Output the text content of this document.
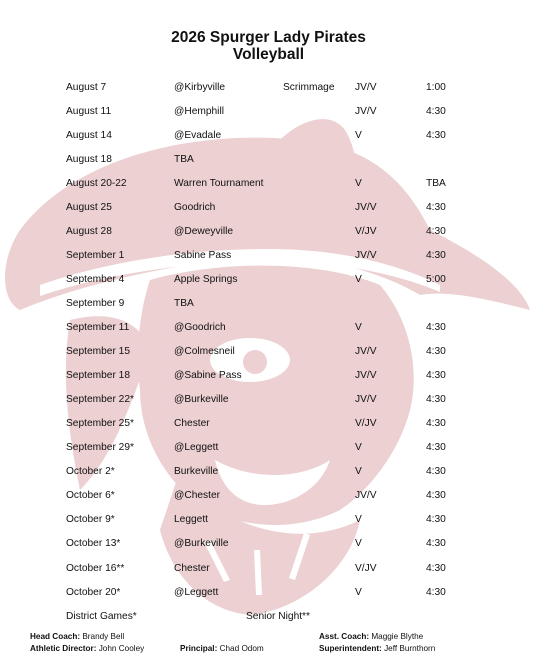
2026 Spurger Lady Pirates
Volleyball
August 7	@Kirbyville	Scrimmage JV/V	1:00
August 11	@Hemphill	JV/V	4:30
August 14	@Evadale	V	4:30
August 18	TBA
August 20-22	Warren Tournament	V	TBA
August 25	Goodrich	JV/V	4:30
August 28	@Deweyville	V/JV	4:30
September 1	Sabine Pass	JV/V	4:30
September 4	Apple Springs	V	5:00
September 9	TBA
September 11	@Goodrich	V	4:30
September 15	@Colmesneil	JV/V	4:30
September 18	@Sabine Pass	JV/V	4:30
September 22*	@Burkeville	JV/V	4:30
September 25*	Chester	V/JV	4:30
September 29*	@Leggett	V	4:30
October 2*	Burkeville	V	4:30
October 6*	@Chester	JV/V	4:30
October 9*	Leggett	V	4:30
October 13*	@Burkeville	V	4:30
October 16**	Chester	V/JV	4:30
October 20*	@Leggett	V	4:30
District Games*	Senior Night**
Head Coach: Brandy Bell
Athletic Director: John Cooley	Principal: Chad Odom
Asst. Coach: Maggie Blythe
Superintendent: Jeff Burnthorn
